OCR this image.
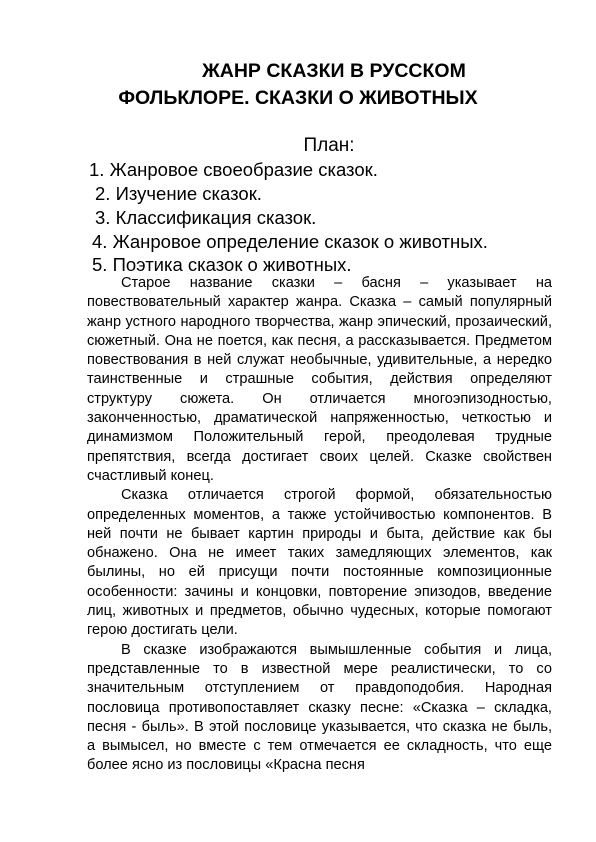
ЖАНР СКАЗКИ В РУССКОМ
ФОЛЬКЛОРЕ. СКАЗКИ О ЖИВОТНЫХ
План:
1. Жанровое своеобразие сказок.
2. Изучение сказок.
3. Классификация сказок.
4. Жанровое определение сказок о животных.
5. Поэтика сказок о животных.

Старое название сказки – басня – указывает на повествовательный характер жанра. Сказка – самый популярный жанр устного народного творчества, жанр эпический, прозаический, сюжетный. Она не поется, как песня, а рассказывается. Предметом повествования в ней служат необычные, удивительные, а нередко таинственные и страшные события, действия определяют структуру сюжета. Он отличается многоэпизодностью, законченностью, драматической напряженностью, четкостью и динамизмом Положительный герой, преодолевая трудные препятствия, всегда достигает своих целей. Сказке свойствен счастливый конец.

Сказка отличается строгой формой, обязательностью определенных моментов, а также устойчивостью компонентов. В ней почти не бывает картин природы и быта, действие как бы обнажено. Она не имеет таких замедляющих элементов, как былины, но ей присущи почти постоянные композиционные особенности: зачины и концовки, повторение эпизодов, введение лиц, животных и предметов, обычно чудесных, которые помогают герою достигать цели.

В сказке изображаются вымышленные события и лица, представленные то в известной мере реалистически, то со значительным отступлением от правдоподобия. Народная пословица противопоставляет сказку песне: «Сказка – складка, песня - быль». В этой пословице указывается, что сказка не быль, а вымысел, но вместе с тем отмечается ее складность, что еще более ясно из пословицы «Красна песня
